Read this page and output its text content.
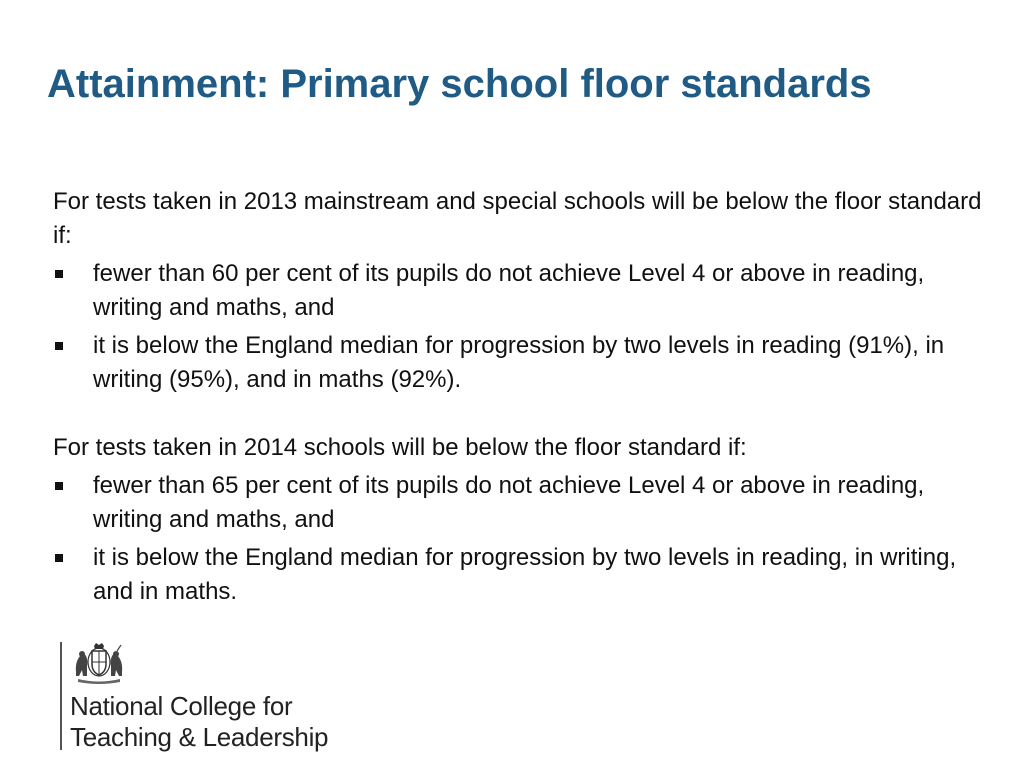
Attainment: Primary school floor standards

For tests taken in 2013 mainstream and special schools will be below the floor standard if:

fewer than 60 per cent of its pupils do not achieve Level 4 or above in reading, writing and maths, and
it is below the England median for progression by two levels in reading (91%), in writing (95%), and in maths (92%).

For tests taken in 2014 schools will be below the floor standard if:

fewer than 65 per cent of its pupils do not achieve Level 4 or above in reading, writing and maths, and
it is below the England median for progression by two levels in reading, in writing, and in maths.
National College for
Teaching & Leadership
